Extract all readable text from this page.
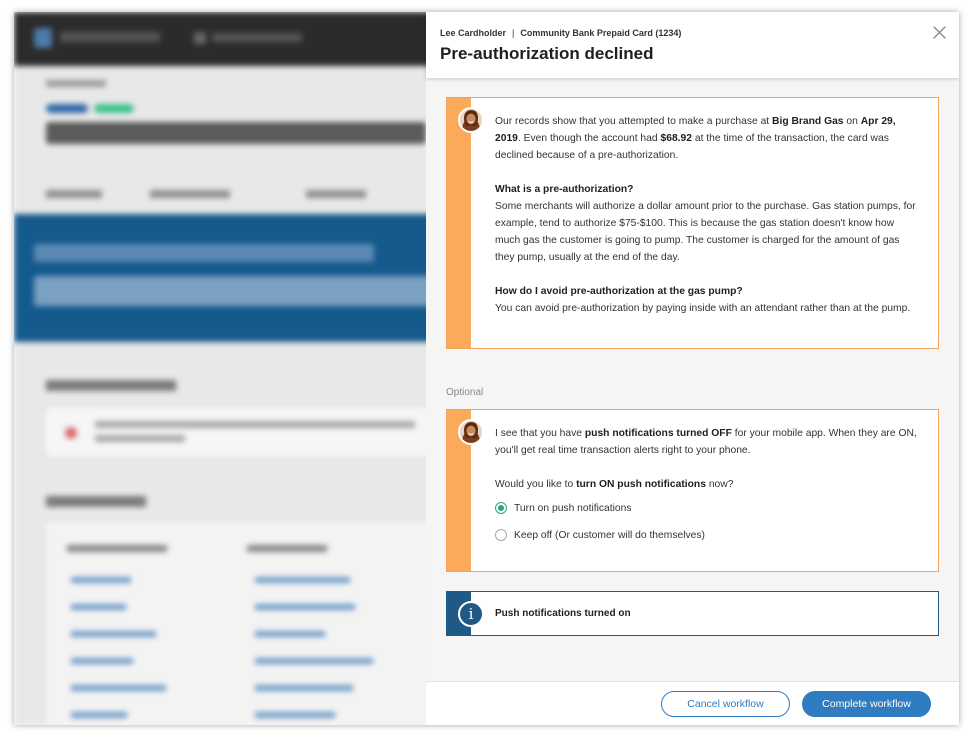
Lee Cardholder | Community Bank Prepaid Card (1234)
Pre-authorization declined

Our records show that you attempted to make a purchase at Big Brand Gas on Apr 29, 2019. Even though the account had $68.92 at the time of the transaction, the card was declined because of a pre-authorization.

What is a pre-authorization?

Some merchants will authorize a dollar amount prior to the purchase. Gas station pumps, for example, tend to authorize $75-$100. This is because the gas station doesn't know how much gas the customer is going to pump. The customer is charged for the amount of gas they pump, usually at the end of the day.

How do I avoid pre-authorization at the gas pump?

You can avoid pre-authorization by paying inside with an attendant rather than at the pump.

Optional

I see that you have push notifications turned OFF for your mobile app. When they are ON, you'll get real time transaction alerts right to your phone.

Would you like to turn ON push notifications now?

Turn on push notifications
Keep off (Or customer will do themselves)
i	Push notifications turned on
Cancel workflow	Complete workflow
